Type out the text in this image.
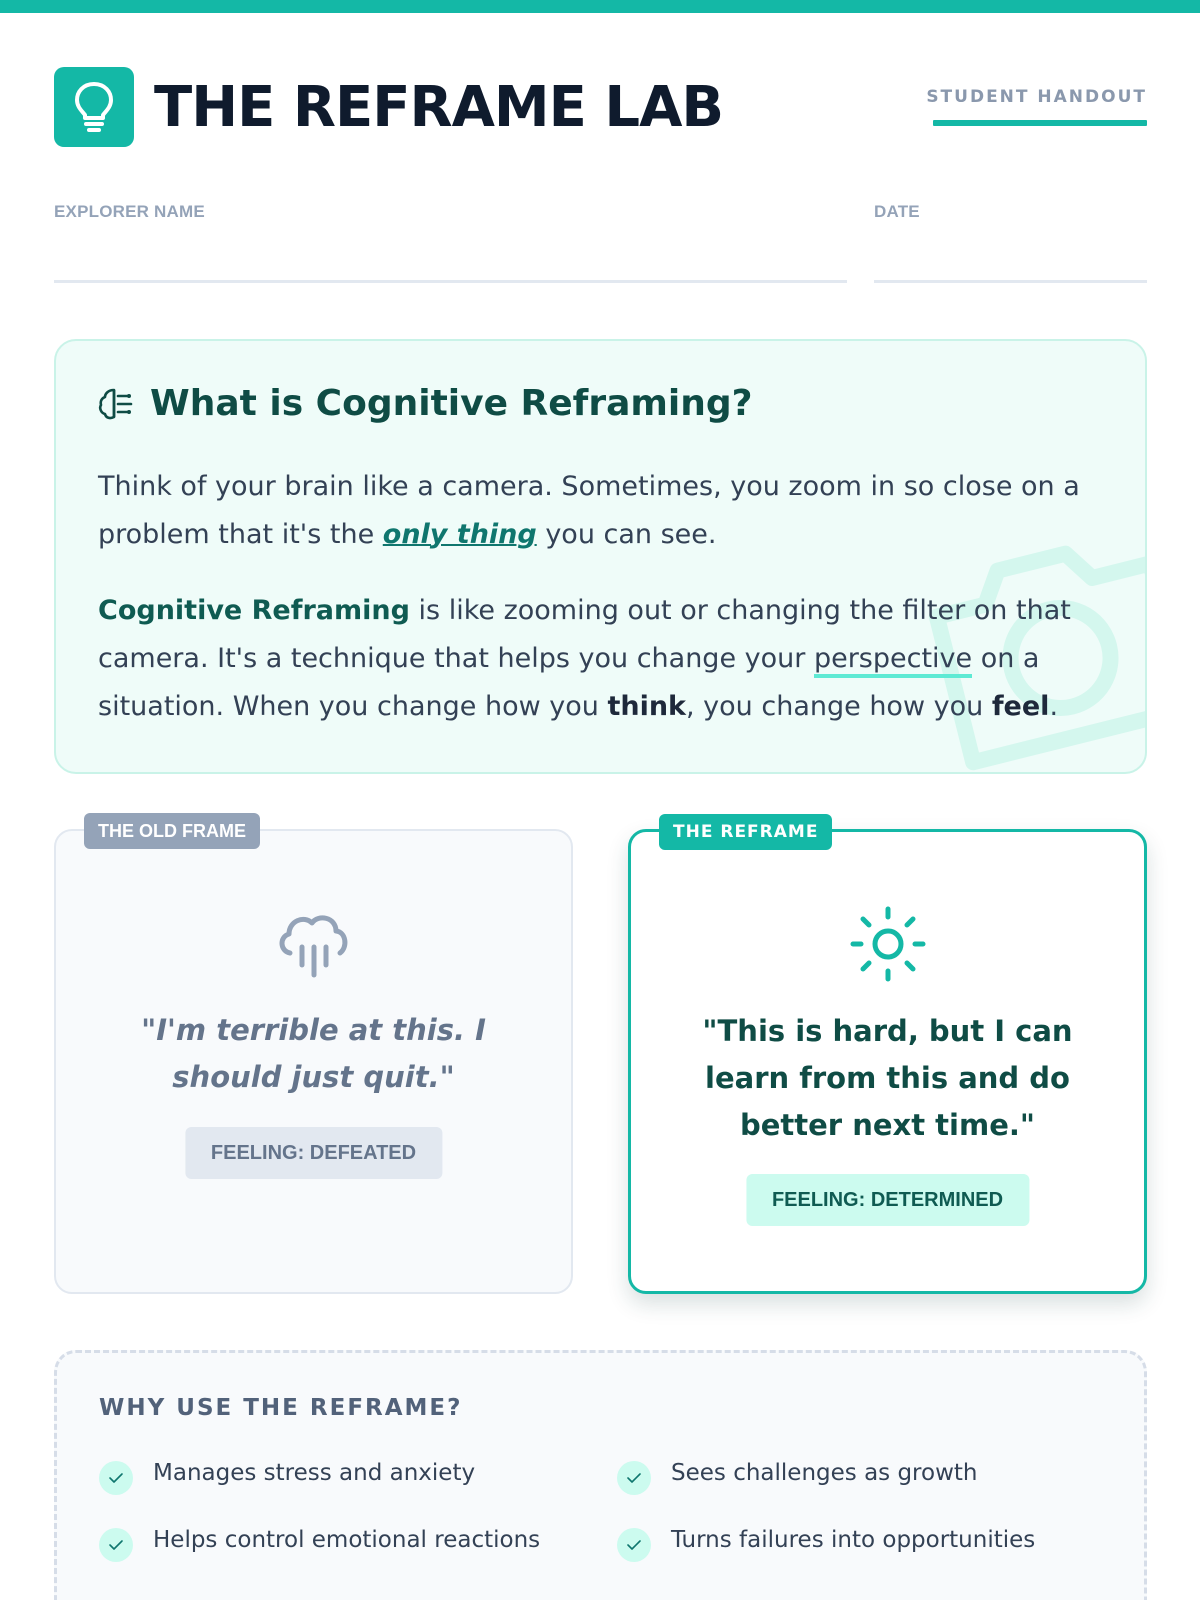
THE REFRAME LAB	STUDENT HANDOUT
EXPLORER NAME	DATE
What is Cognitive Reframing?

Think of your brain like a camera. Sometimes, you zoom in so close on a problem that it's the only thing you can see.

Cognitive Reframing is like zooming out or changing the filter on that camera. It's a technique that helps you change your perspective on a situation. When you change how you think, you change how you feel.

THE OLD FRAME
"I'm terrible at this. I should just quit."
FEELING: DEFEATED
THE REFRAME
"This is hard, but I can learn from this and do better next time."
FEELING: DETERMINED
WHY USE THE REFRAME?
Manages stress and anxiety	Sees challenges as growth
Helps control emotional reactions	Turns failures into opportunities
